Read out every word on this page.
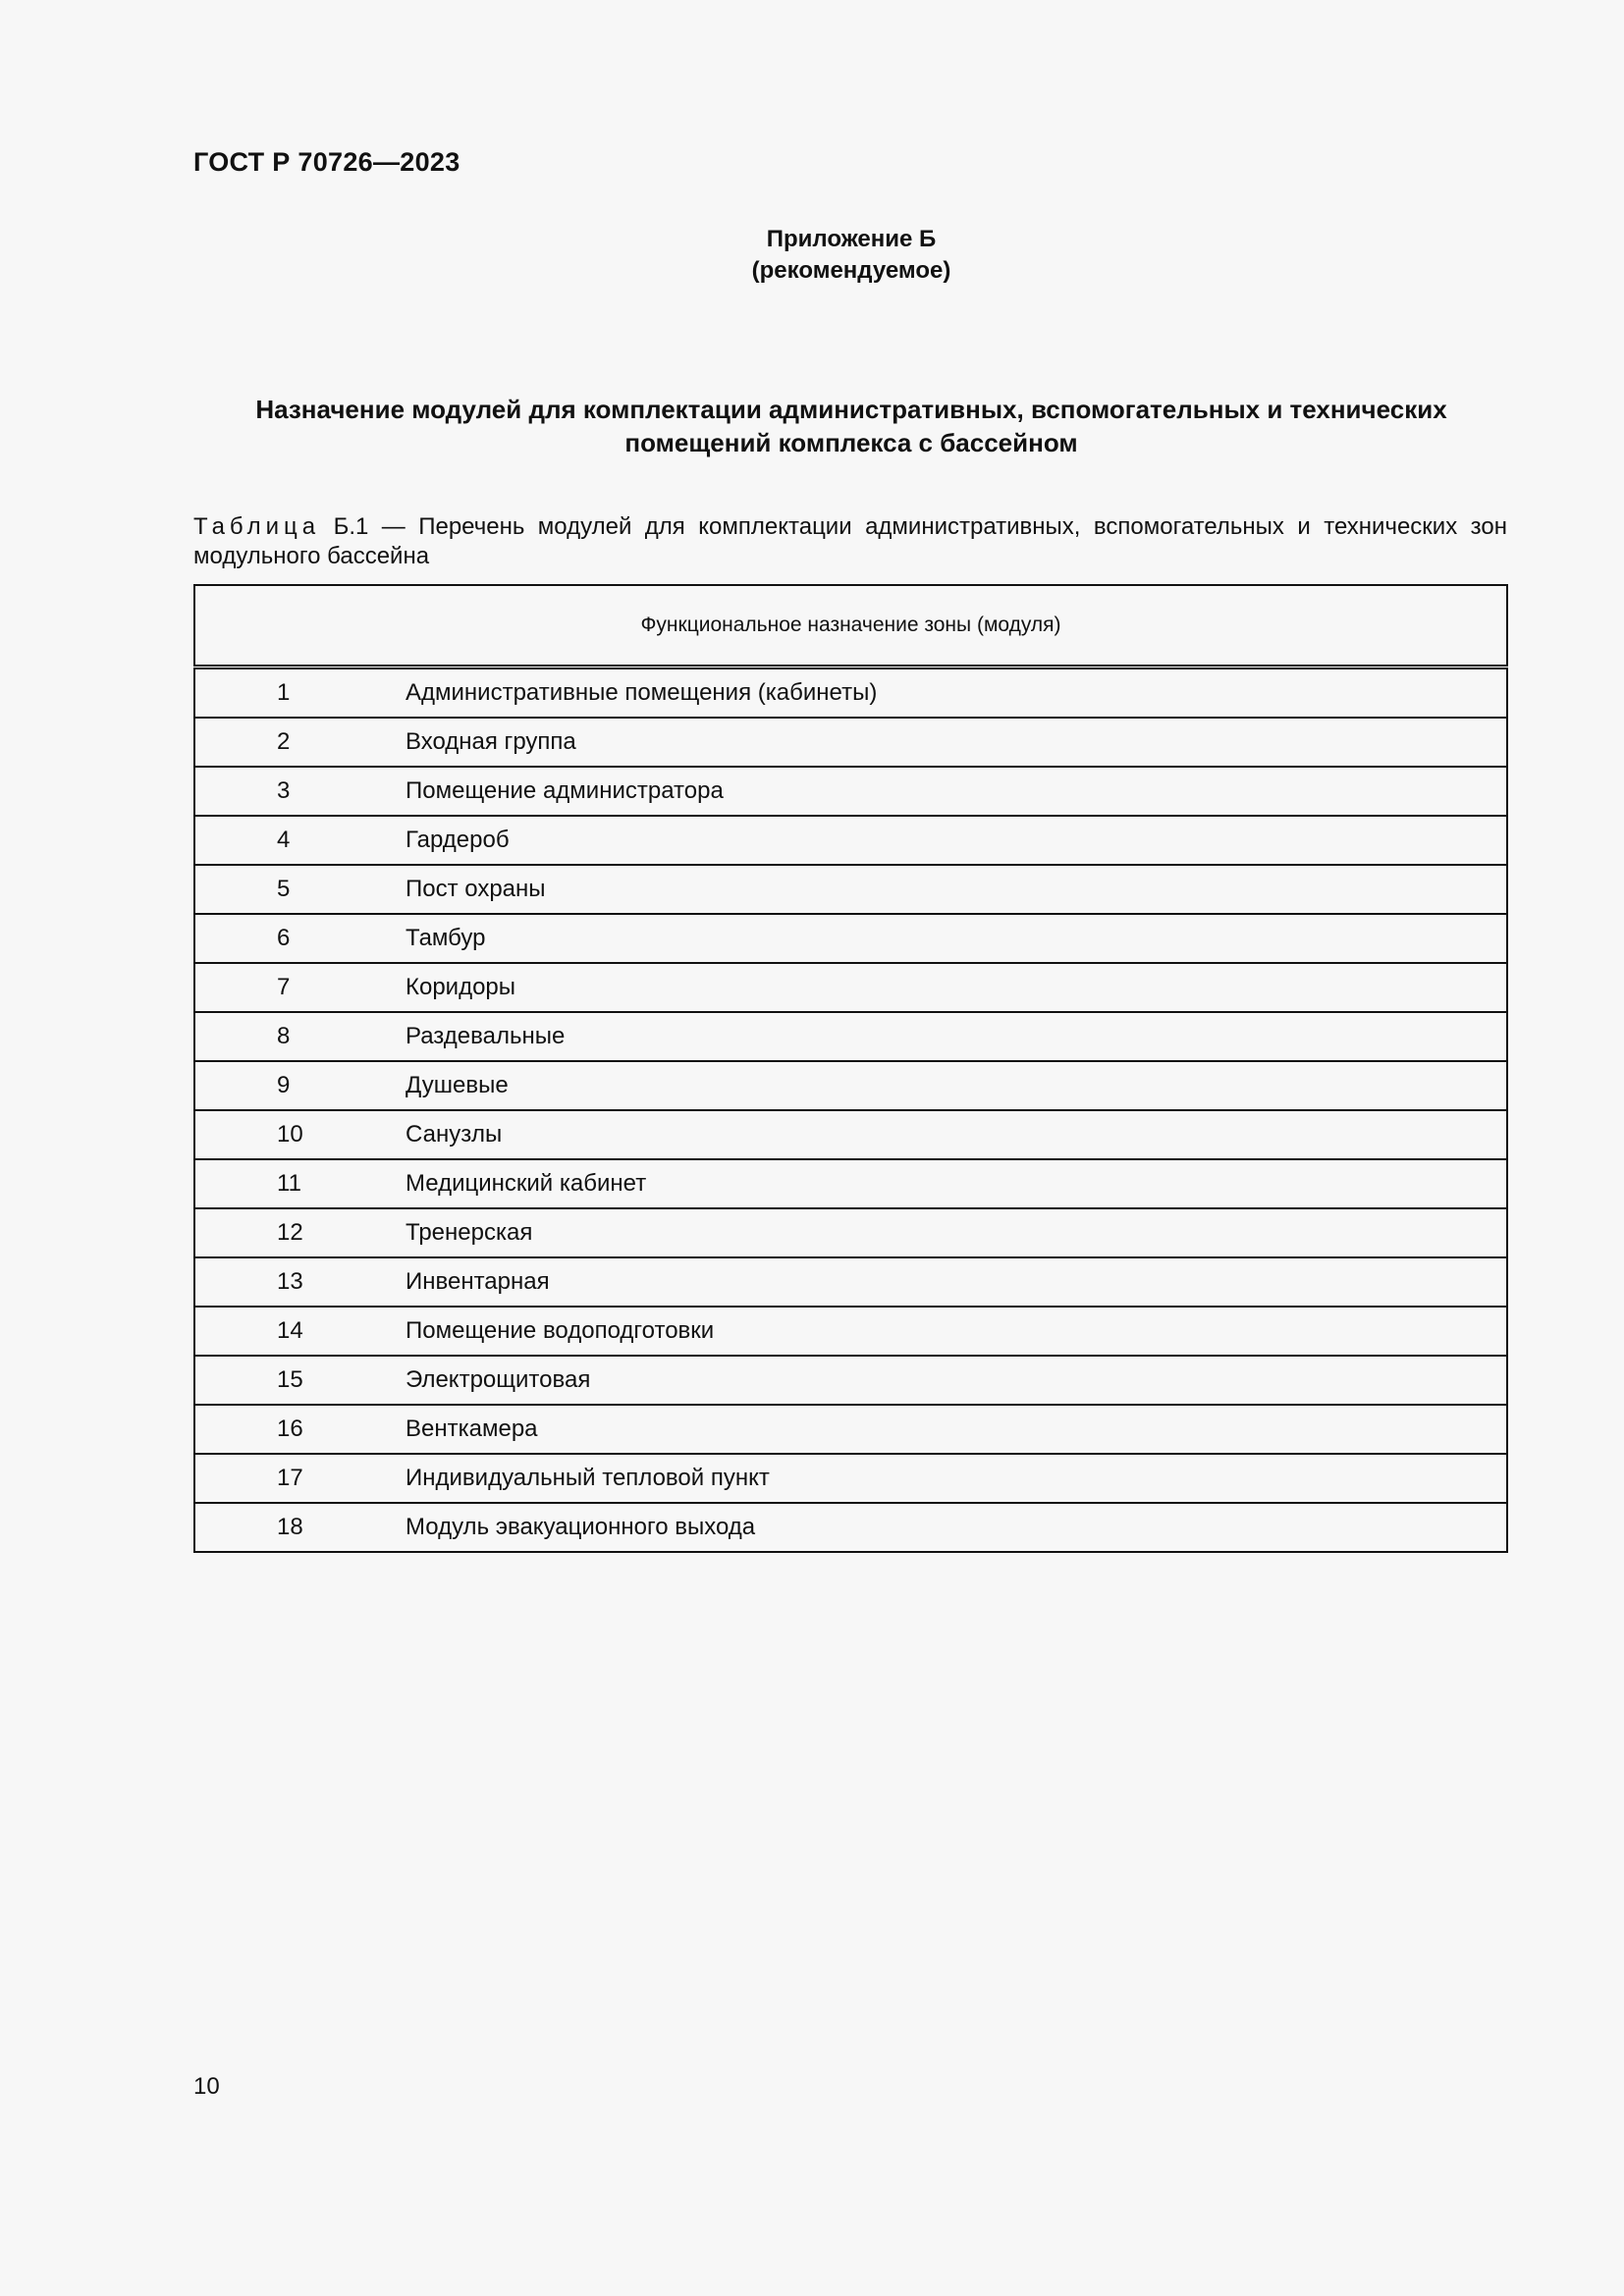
ГОСТ Р 70726—2023
Приложение Б
(рекомендуемое)
Назначение модулей для комплектации административных, вспомогательных и технических
помещений комплекса с бассейном
Таблица Б.1 — Перечень модулей для комплектации административных, вспомогательных и технических зон модульного бассейна
Функциональное назначение зоны (модуля)	
1	Административные помещения (кабинеты)
2	Входная группа
3	Помещение администратора
4	Гардероб
5	Пост охраны
6	Тамбур
7	Коридоры
8	Раздевальные
9	Душевые
10	Санузлы
11	Медицинский кабинет
12	Тренерская
13	Инвентарная
14	Помещение водоподготовки
15	Электрощитовая
16	Венткамера
17	Индивидуальный тепловой пункт
18	Модуль эвакуационного выхода
10
